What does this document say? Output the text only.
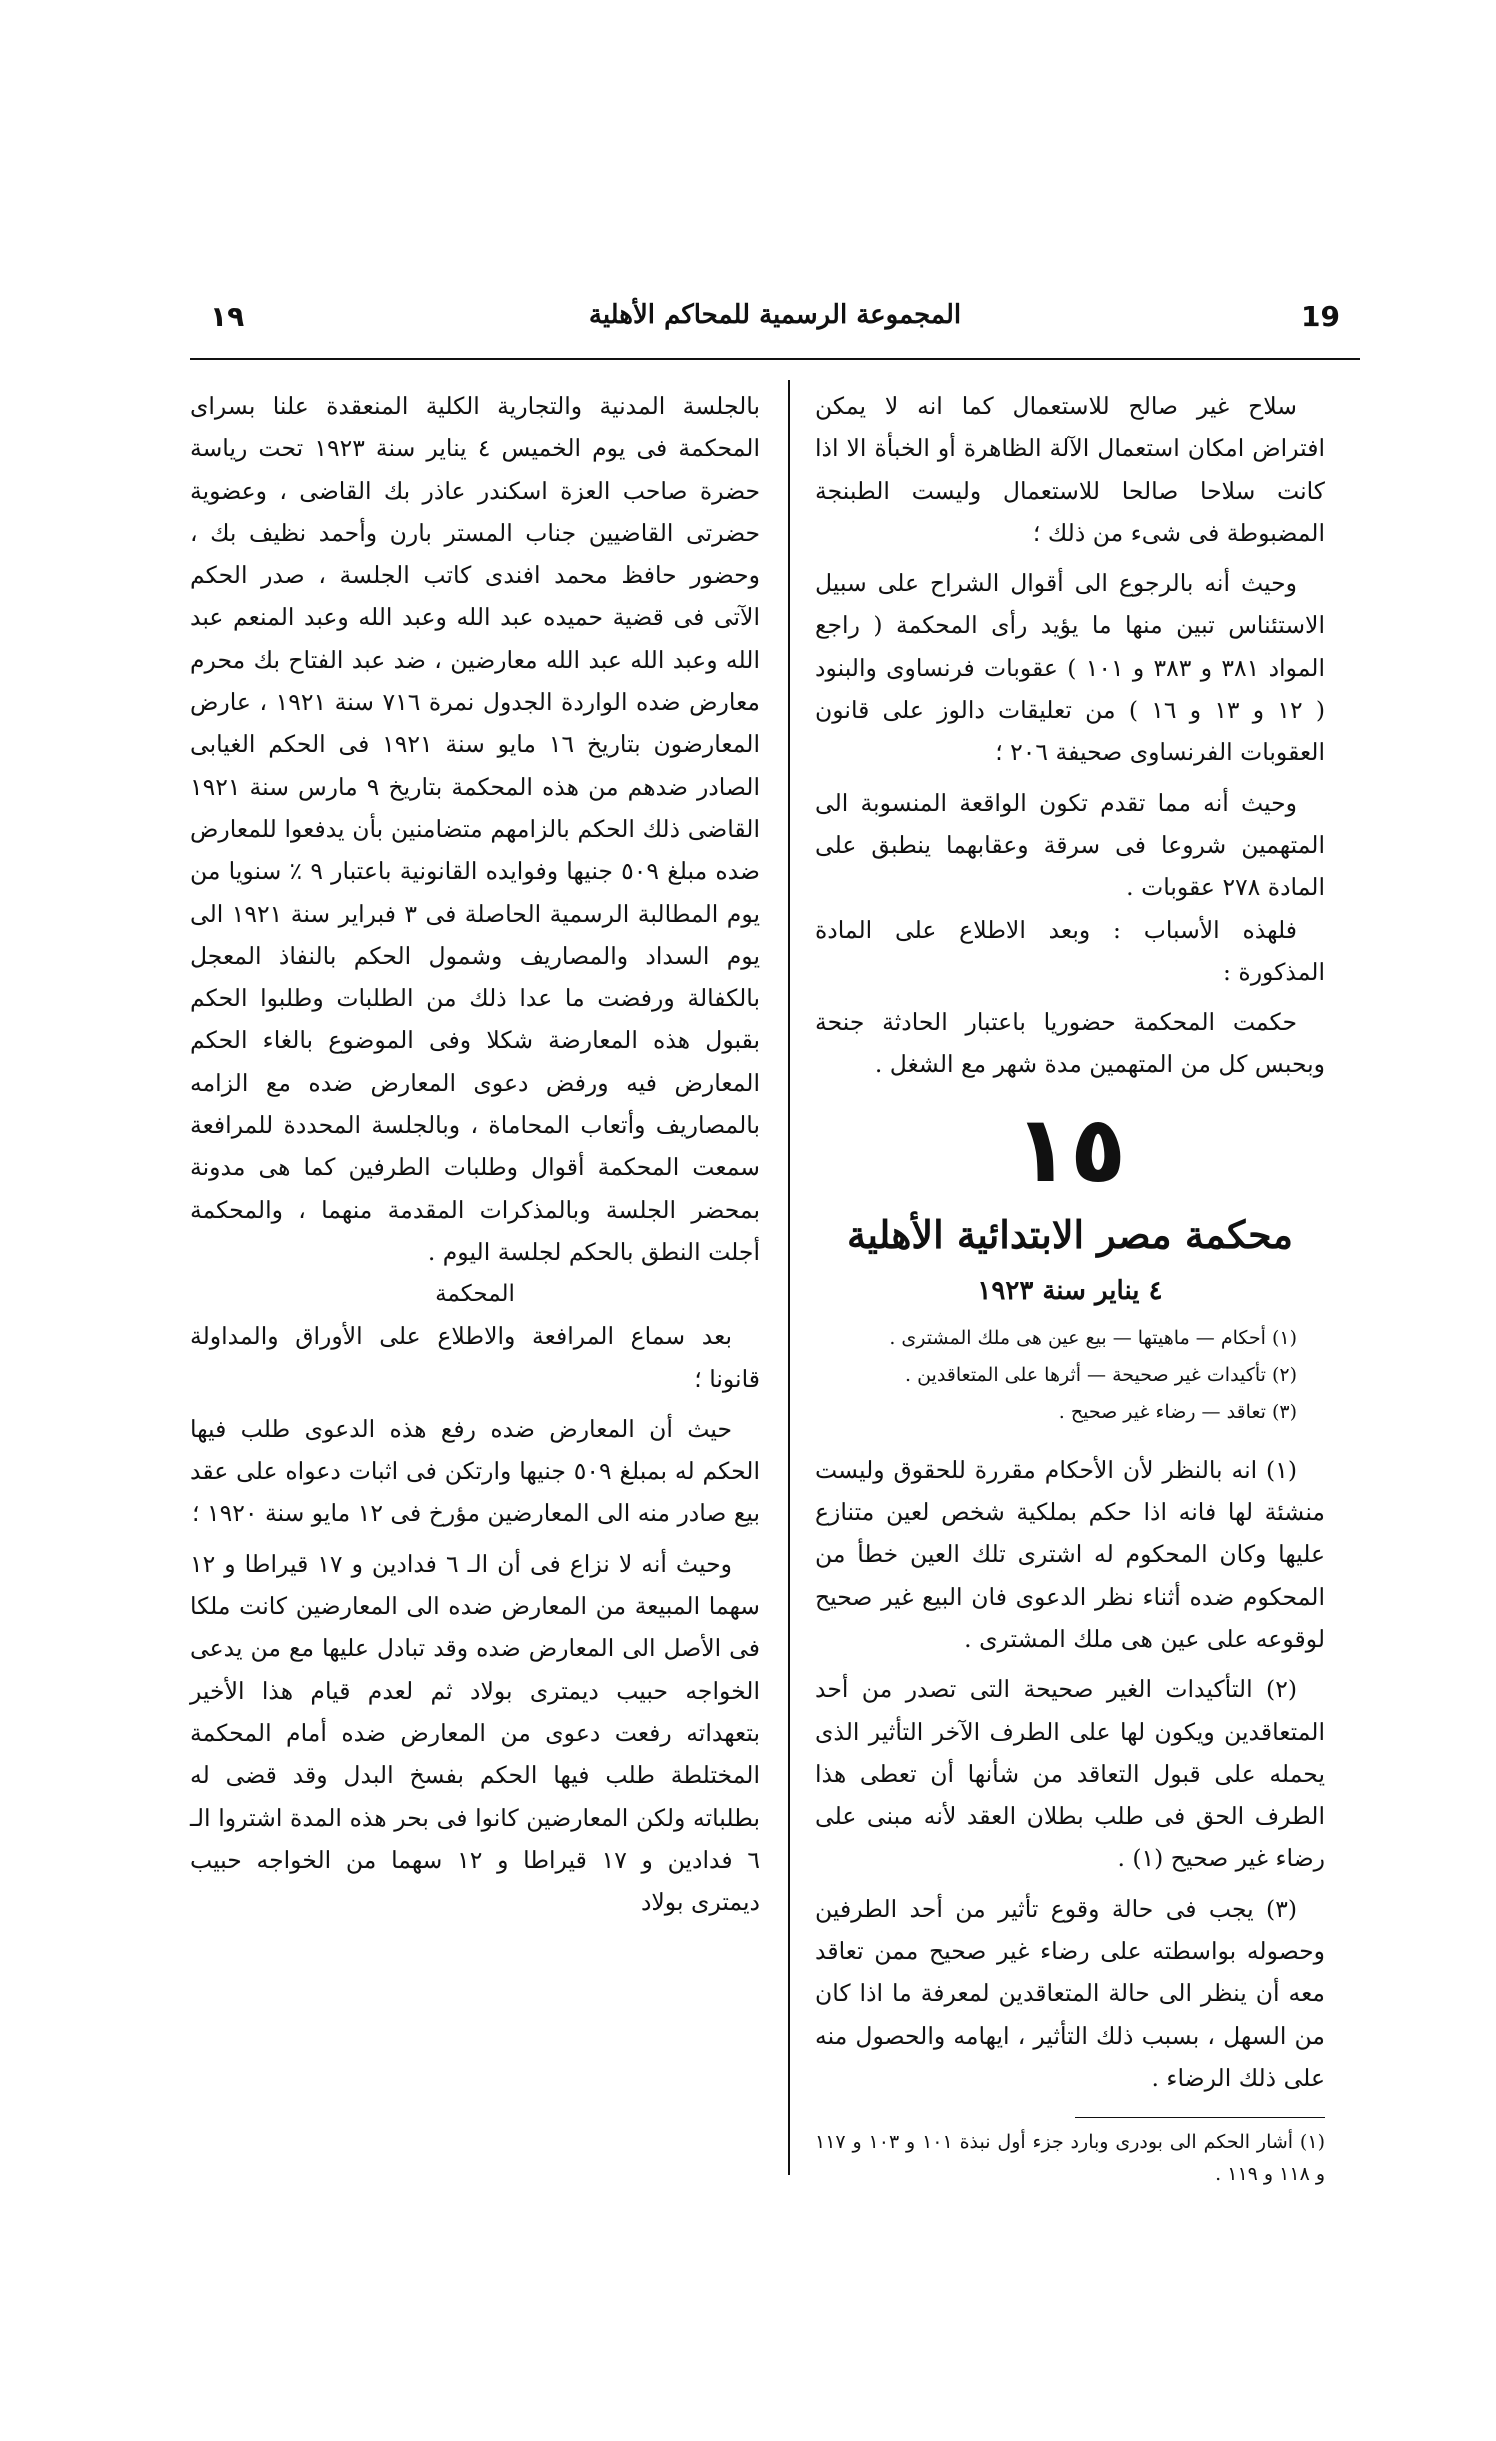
١٩	المجموعة الرسمية للمحاكم الأهلية	19

سلاح غير صالح للاستعمال كما انه لا يمكن افتراض امكان استعمال الآلة الظاهرة أو الخبأة الا اذا كانت سلاحا صالحا للاستعمال وليست الطبنجة المضبوطة فى شىء من ذلك ؛

وحيث أنه بالرجوع الى أقوال الشراح على سبيل الاستئناس تبين منها ما يؤيد رأى المحكمة ( راجع المواد ٣٨١ و ٣٨٣ و ١٠١ ) عقوبات فرنساوى والبنود ( ١٢ و ١٣ و ١٦ ) من تعليقات دالوز على قانون العقوبات الفرنساوى صحيفة ٢٠٦ ؛

وحيث أنه مما تقدم تكون الواقعة المنسوبة الى المتهمين شروعا فى سرقة وعقابهما ينطبق على المادة ٢٧٨ عقوبات .

فلهذه الأسباب : وبعد الاطلاع على المادة المذكورة :

حكمت المحكمة حضوريا باعتبار الحادثة جنحة وبحبس كل من المتهمين مدة شهر مع الشغل .

١٥
محكمة مصر الابتدائية الأهلية
٤ يناير سنة ١٩٢٣
(١) أحكام — ماهيتها — بيع عين هى ملك المشترى .
(٢) تأكيدات غير صحيحة — أثرها على المتعاقدين .
(٣) تعاقد — رضاء غير صحيح .

(١) انه بالنظر لأن الأحكام مقررة للحقوق وليست منشئة لها فانه اذا حكم بملكية شخص لعين متنازع عليها وكان المحكوم له اشترى تلك العين خطأ من المحكوم ضده أثناء نظر الدعوى فان البيع غير صحيح لوقوعه على عين هى ملك المشترى .

(٢) التأكيدات الغير صحيحة التى تصدر من أحد المتعاقدين ويكون لها على الطرف الآخر التأثير الذى يحمله على قبول التعاقد من شأنها أن تعطى هذا الطرف الحق فى طلب بطلان العقد لأنه مبنى على رضاء غير صحيح (١) .

(٣) يجب فى حالة وقوع تأثير من أحد الطرفين وحصوله بواسطته على رضاء غير صحيح ممن تعاقد معه أن ينظر الى حالة المتعاقدين لمعرفة ما اذا كان من السهل ، بسبب ذلك التأثير ، ايهامه والحصول منه على ذلك الرضاء .

(١) أشار الحكم الى بودرى وبارد جزء أول نبذة ١٠١ و ١٠٣ و ١١٧ و ١١٨ و ١١٩ .

بالجلسة المدنية والتجارية الكلية المنعقدة علنا بسراى المحكمة فى يوم الخميس ٤ يناير سنة ١٩٢٣ تحت رياسة حضرة صاحب العزة اسكندر عاذر بك القاضى ، وعضوية حضرتى القاضيين جناب المستر بارن وأحمد نظيف بك ، وحضور حافظ محمد افندى كاتب الجلسة ، صدر الحكم الآتى فى قضية حميده عبد الله وعبد الله وعبد المنعم عبد الله وعبد الله عبد الله معارضين ، ضد عبد الفتاح بك محرم معارض ضده الواردة الجدول نمرة ٧١٦ سنة ١٩٢١ ، عارض المعارضون بتاريخ ١٦ مايو سنة ١٩٢١ فى الحكم الغيابى الصادر ضدهم من هذه المحكمة بتاريخ ٩ مارس سنة ١٩٢١ القاضى ذلك الحكم بالزامهم متضامنين بأن يدفعوا للمعارض ضده مبلغ ٥٠٩ جنيها وفوايده القانونية باعتبار ٩ ٪ سنويا من يوم المطالبة الرسمية الحاصلة فى ٣ فبراير سنة ١٩٢١ الى يوم السداد والمصاريف وشمول الحكم بالنفاذ المعجل بالكفالة ورفضت ما عدا ذلك من الطلبات وطلبوا الحكم بقبول هذه المعارضة شكلا وفى الموضوع بالغاء الحكم المعارض فيه ورفض دعوى المعارض ضده مع الزامه بالمصاريف وأتعاب المحاماة ، وبالجلسة المحددة للمرافعة سمعت المحكمة أقوال وطلبات الطرفين كما هى مدونة بمحضر الجلسة وبالمذكرات المقدمة منهما ، والمحكمة أجلت النطق بالحكم لجلسة اليوم .

المحكمة

بعد سماع المرافعة والاطلاع على الأوراق والمداولة قانونا ؛

حيث أن المعارض ضده رفع هذه الدعوى طلب فيها الحكم له بمبلغ ٥٠٩ جنيها وارتكن فى اثبات دعواه على عقد بيع صادر منه الى المعارضين مؤرخ فى ١٢ مايو سنة ١٩٢٠ ؛

وحيث أنه لا نزاع فى أن الـ ٦ فدادين و ١٧ قيراطا و ١٢ سهما المبيعة من المعارض ضده الى المعارضين كانت ملكا فى الأصل الى المعارض ضده وقد تبادل عليها مع من يدعى الخواجه حبيب ديمترى بولاد ثم لعدم قيام هذا الأخير بتعهداته رفعت دعوى من المعارض ضده أمام المحكمة المختلطة طلب فيها الحكم بفسخ البدل وقد قضى له بطلباته ولكن المعارضين كانوا فى بحر هذه المدة اشتروا الـ ٦ فدادين و ١٧ قيراطا و ١٢ سهما من الخواجه حبيب ديمترى بولاد
